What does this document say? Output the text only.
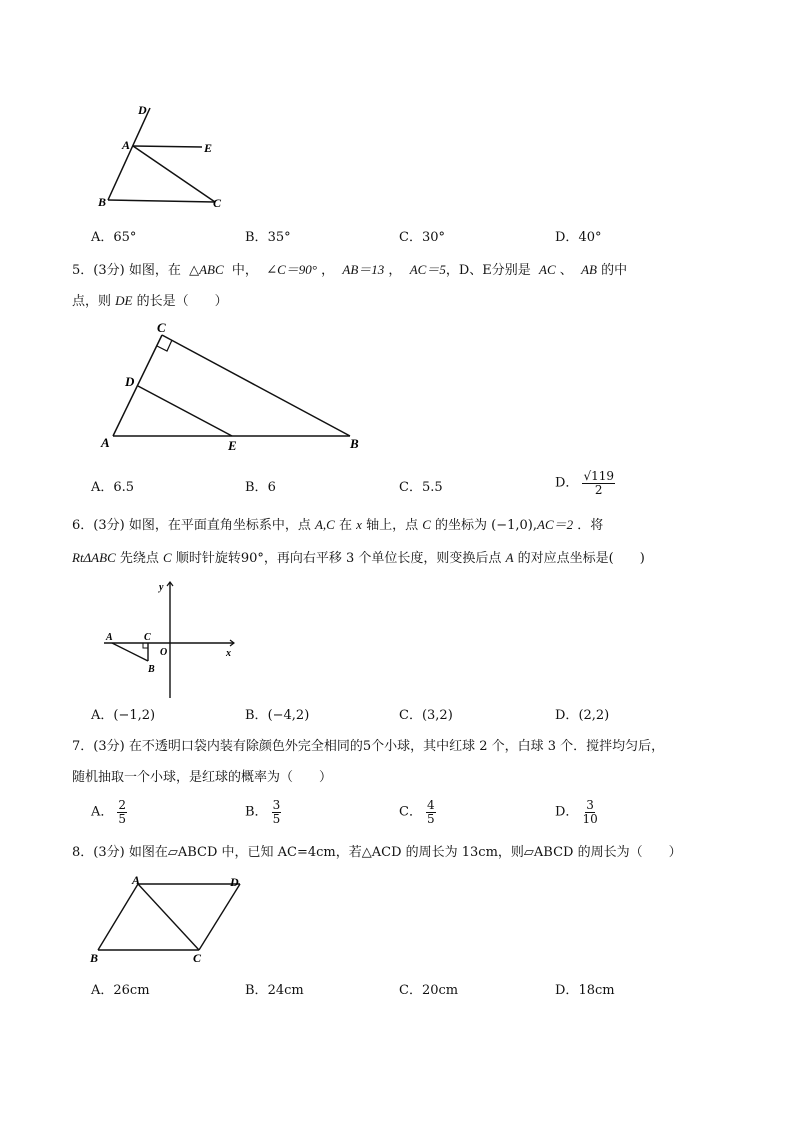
D
A	E
B	C
A．65°	B．35°	C．30°	D．40°
5．(3分) 如图，在 △ABC 中， ∠C＝90° ， AB＝13 ， AC＝5，D、E分别是 AC 、 AB 的中
点，则 DE 的长是（　　）
C
D
A	E	B
A．6.5	B．6	C．5.5	D． $\frac{√119}{2}$
6．(3分) 如图，在平面直角坐标系中，点 A,C 在 x 轴上，点 C 的坐标为 (−1,0),AC＝2 ．将
RtΔABC 先绕点 C 顺时针旋转90°，再向右平移 3 个单位长度，则变换后点 A 的对应点坐标是(　　)
y
x
A	C
O
B
A．(−1,2)	B．(−4,2)	C．(3,2)	D．(2,2)
7．(3分) 在不透明口袋内装有除颜色外完全相同的5个小球，其中红球 2 个，白球 3 个．搅拌均匀后，
随机抽取一个小球，是红球的概率为（　　）
A． $\frac{2}{5}$	B． $\frac{3}{5}$	C． $\frac{4}{5}$	D． $\frac{3}{10}$
8．(3分) 如图在▱ABCD 中，已知 AC=4cm，若△ACD 的周长为 13cm，则▱ABCD 的周长为（　　）
A	D
B	C
A．26cm	B．24cm	C．20cm	D．18cm
